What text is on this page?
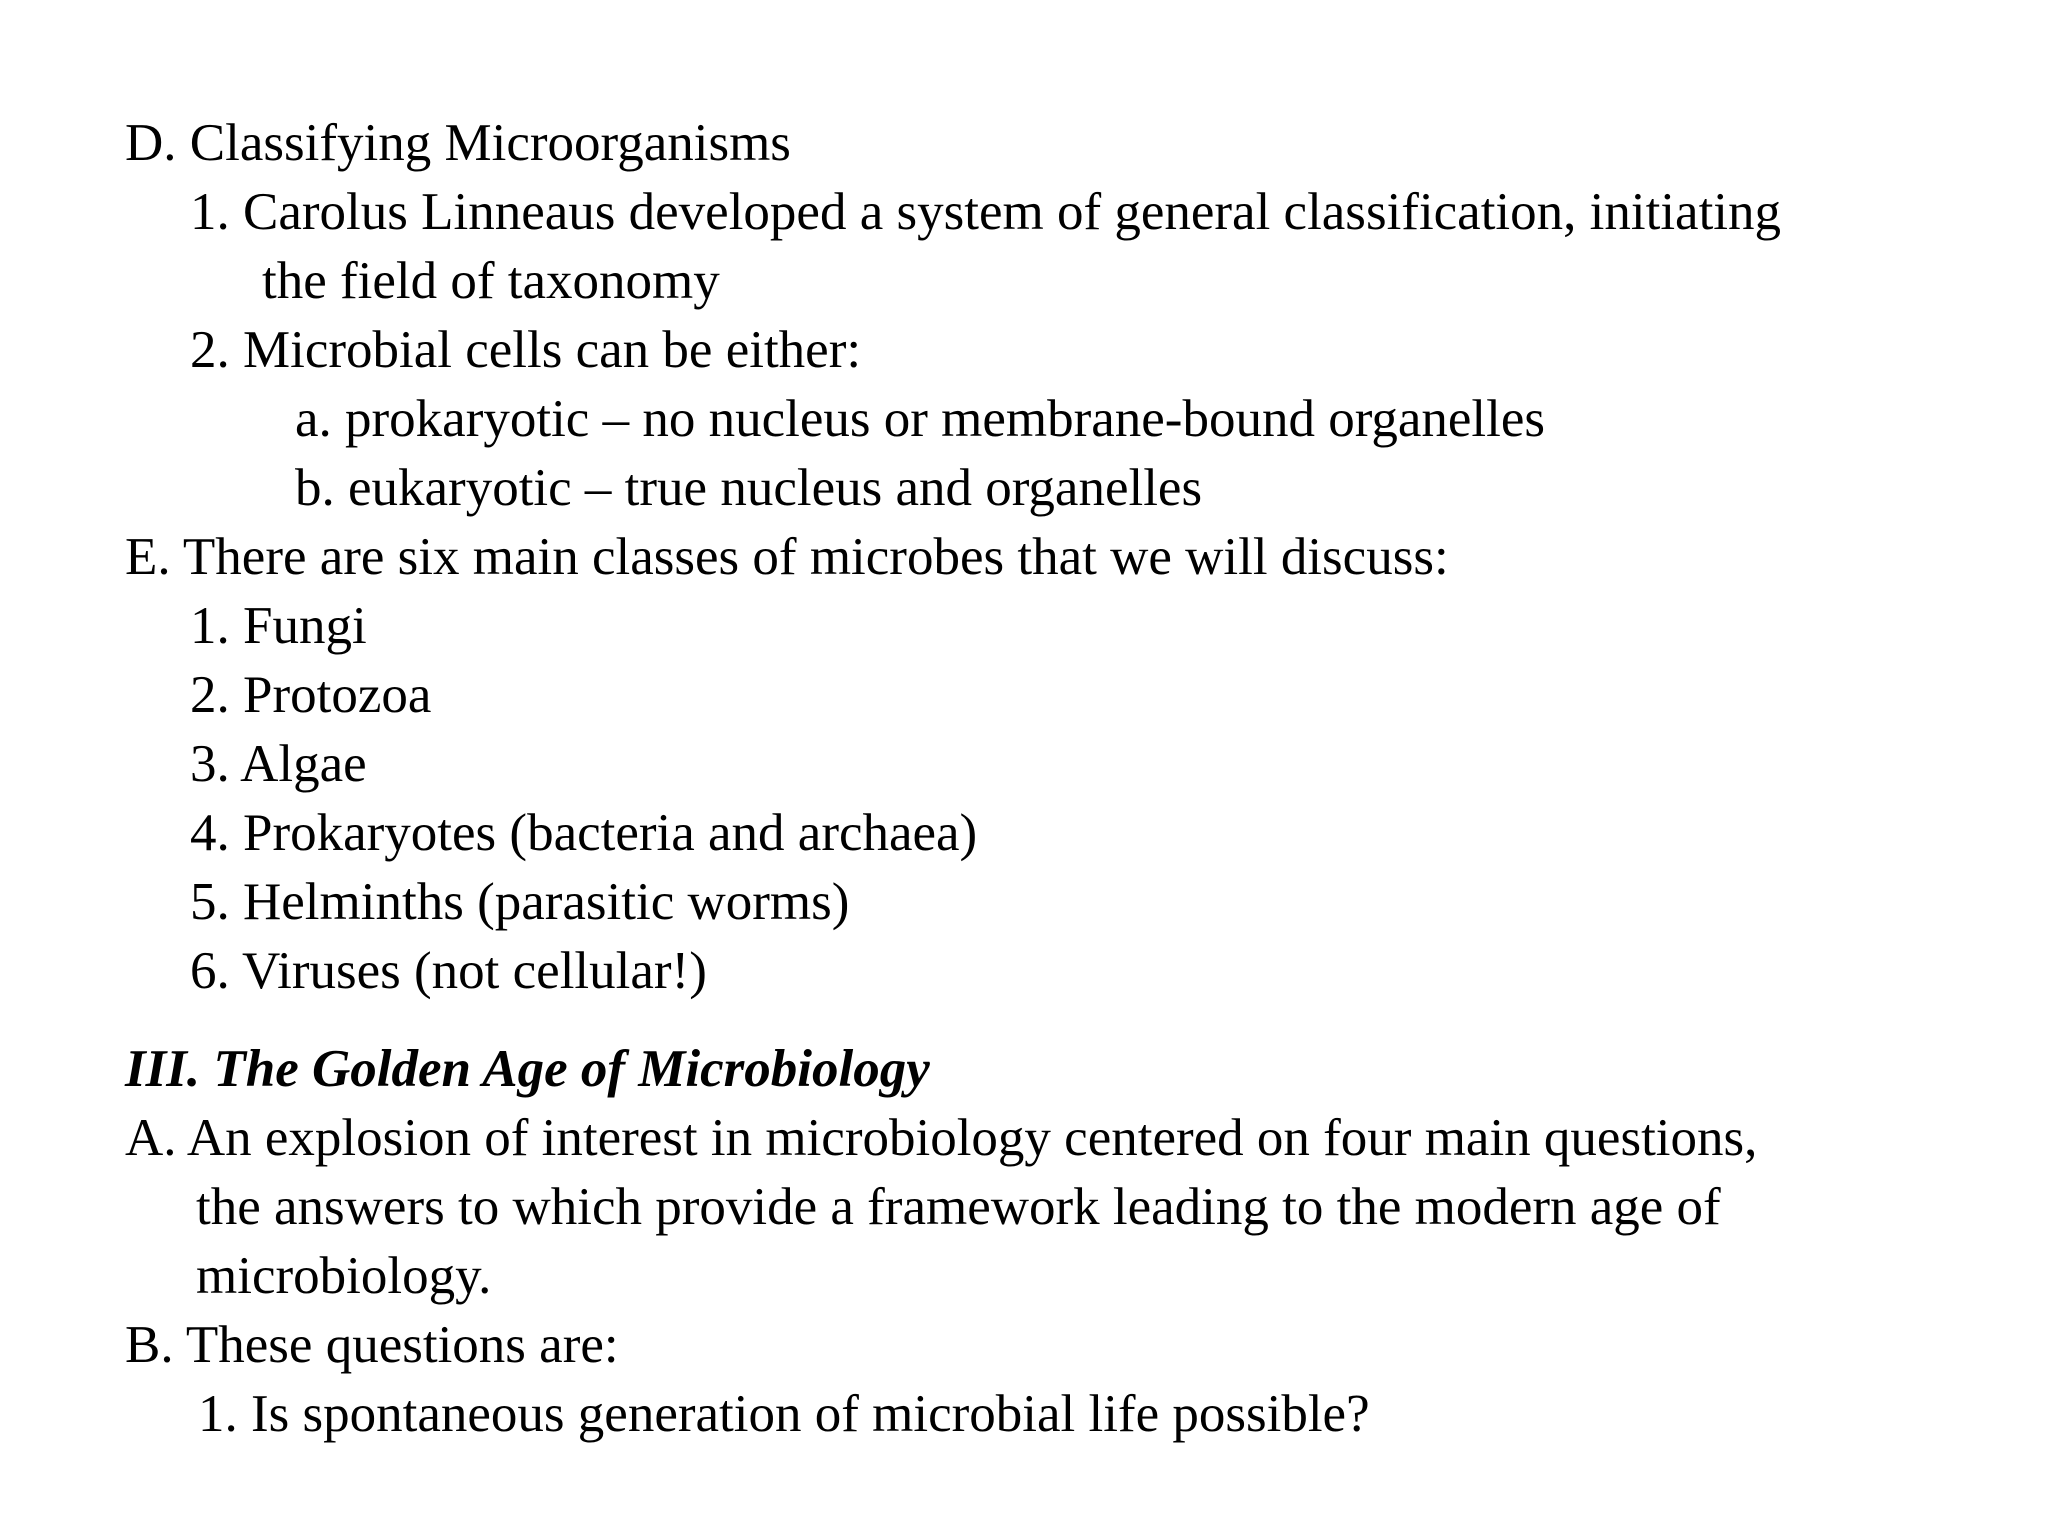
D. Classifying Microorganisms
1. Carolus Linneaus developed a system of general classification, initiating
the field of taxonomy
2. Microbial cells can be either:
a. prokaryotic – no nucleus or membrane-bound organelles
b. eukaryotic – true nucleus and organelles
E. There are six main classes of microbes that we will discuss:
1. Fungi
2. Protozoa
3. Algae
4. Prokaryotes (bacteria and archaea)
5. Helminths (parasitic worms)
6. Viruses (not cellular!)
III. The Golden Age of Microbiology
A. An explosion of interest in microbiology centered on four main questions,
the answers to which provide a framework leading to the modern age of
microbiology.
B. These questions are:
1. Is spontaneous generation of microbial life possible?
